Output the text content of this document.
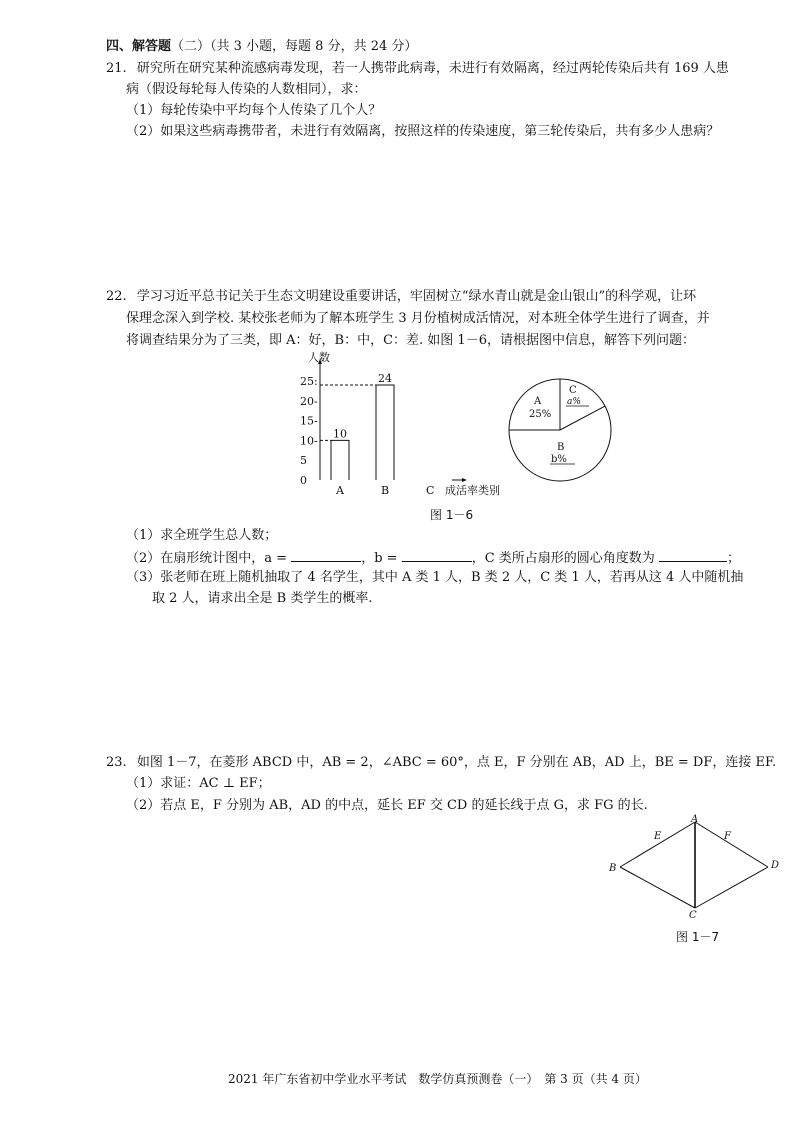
四、解答题（二）（共 3 小题，每题 8 分，共 24 分）
21. 研究所在研究某种流感病毒发现，若一人携带此病毒，未进行有效隔离，经过两轮传染后共有 169 人患
病（假设每轮每人传染的人数相同），求：
（1）每轮传染中平均每个人传染了几个人？
（2）如果这些病毒携带者，未进行有效隔离，按照这样的传染速度，第三轮传染后，共有多少人患病？
22. 学习习近平总书记关于生态文明建设重要讲话，牢固树立“绿水青山就是金山银山”的科学观，让环
保理念深入到学校. 某校张老师为了解本班学生 3 月份植树成活情况，对本班全体学生进行了调查，并
将调查结果分为了三类，即 A：好，B：中，C：差. 如图 1－6，请根据图中信息，解答下列问题：
人数
0
5
10-
15-
20-
25:
A
10
B
24
C 成活率类别
A
25%
C
a%
B
b%
图 1－6
（1）求全班学生总人数；
（2）在扇形统计图中，a =	，b =	，C 类所占扇形的圆心角度数为	；
（3）张老师在班上随机抽取了 4 名学生，其中 A 类 1 人，B 类 2 人，C 类 1 人，若再从这 4 人中随机抽
取 2 人，请求出全是 B 类学生的概率.
23. 如图 1－7，在菱形 ABCD 中，AB = 2，∠ABC = 60°，点 E，F 分别在 AB，AD 上，BE = DF，连接 EF.
（1）求证：AC ⊥ EF；
（2）若点 E，F 分别为 AB，AD 的中点，延长 EF 交 CD 的延长线于点 G，求 FG 的长.
A
B
C
D
E	F
图 1－7
2021 年广东省初中学业水平考试　数学仿真预测卷（一）　第 3 页（共 4 页）
